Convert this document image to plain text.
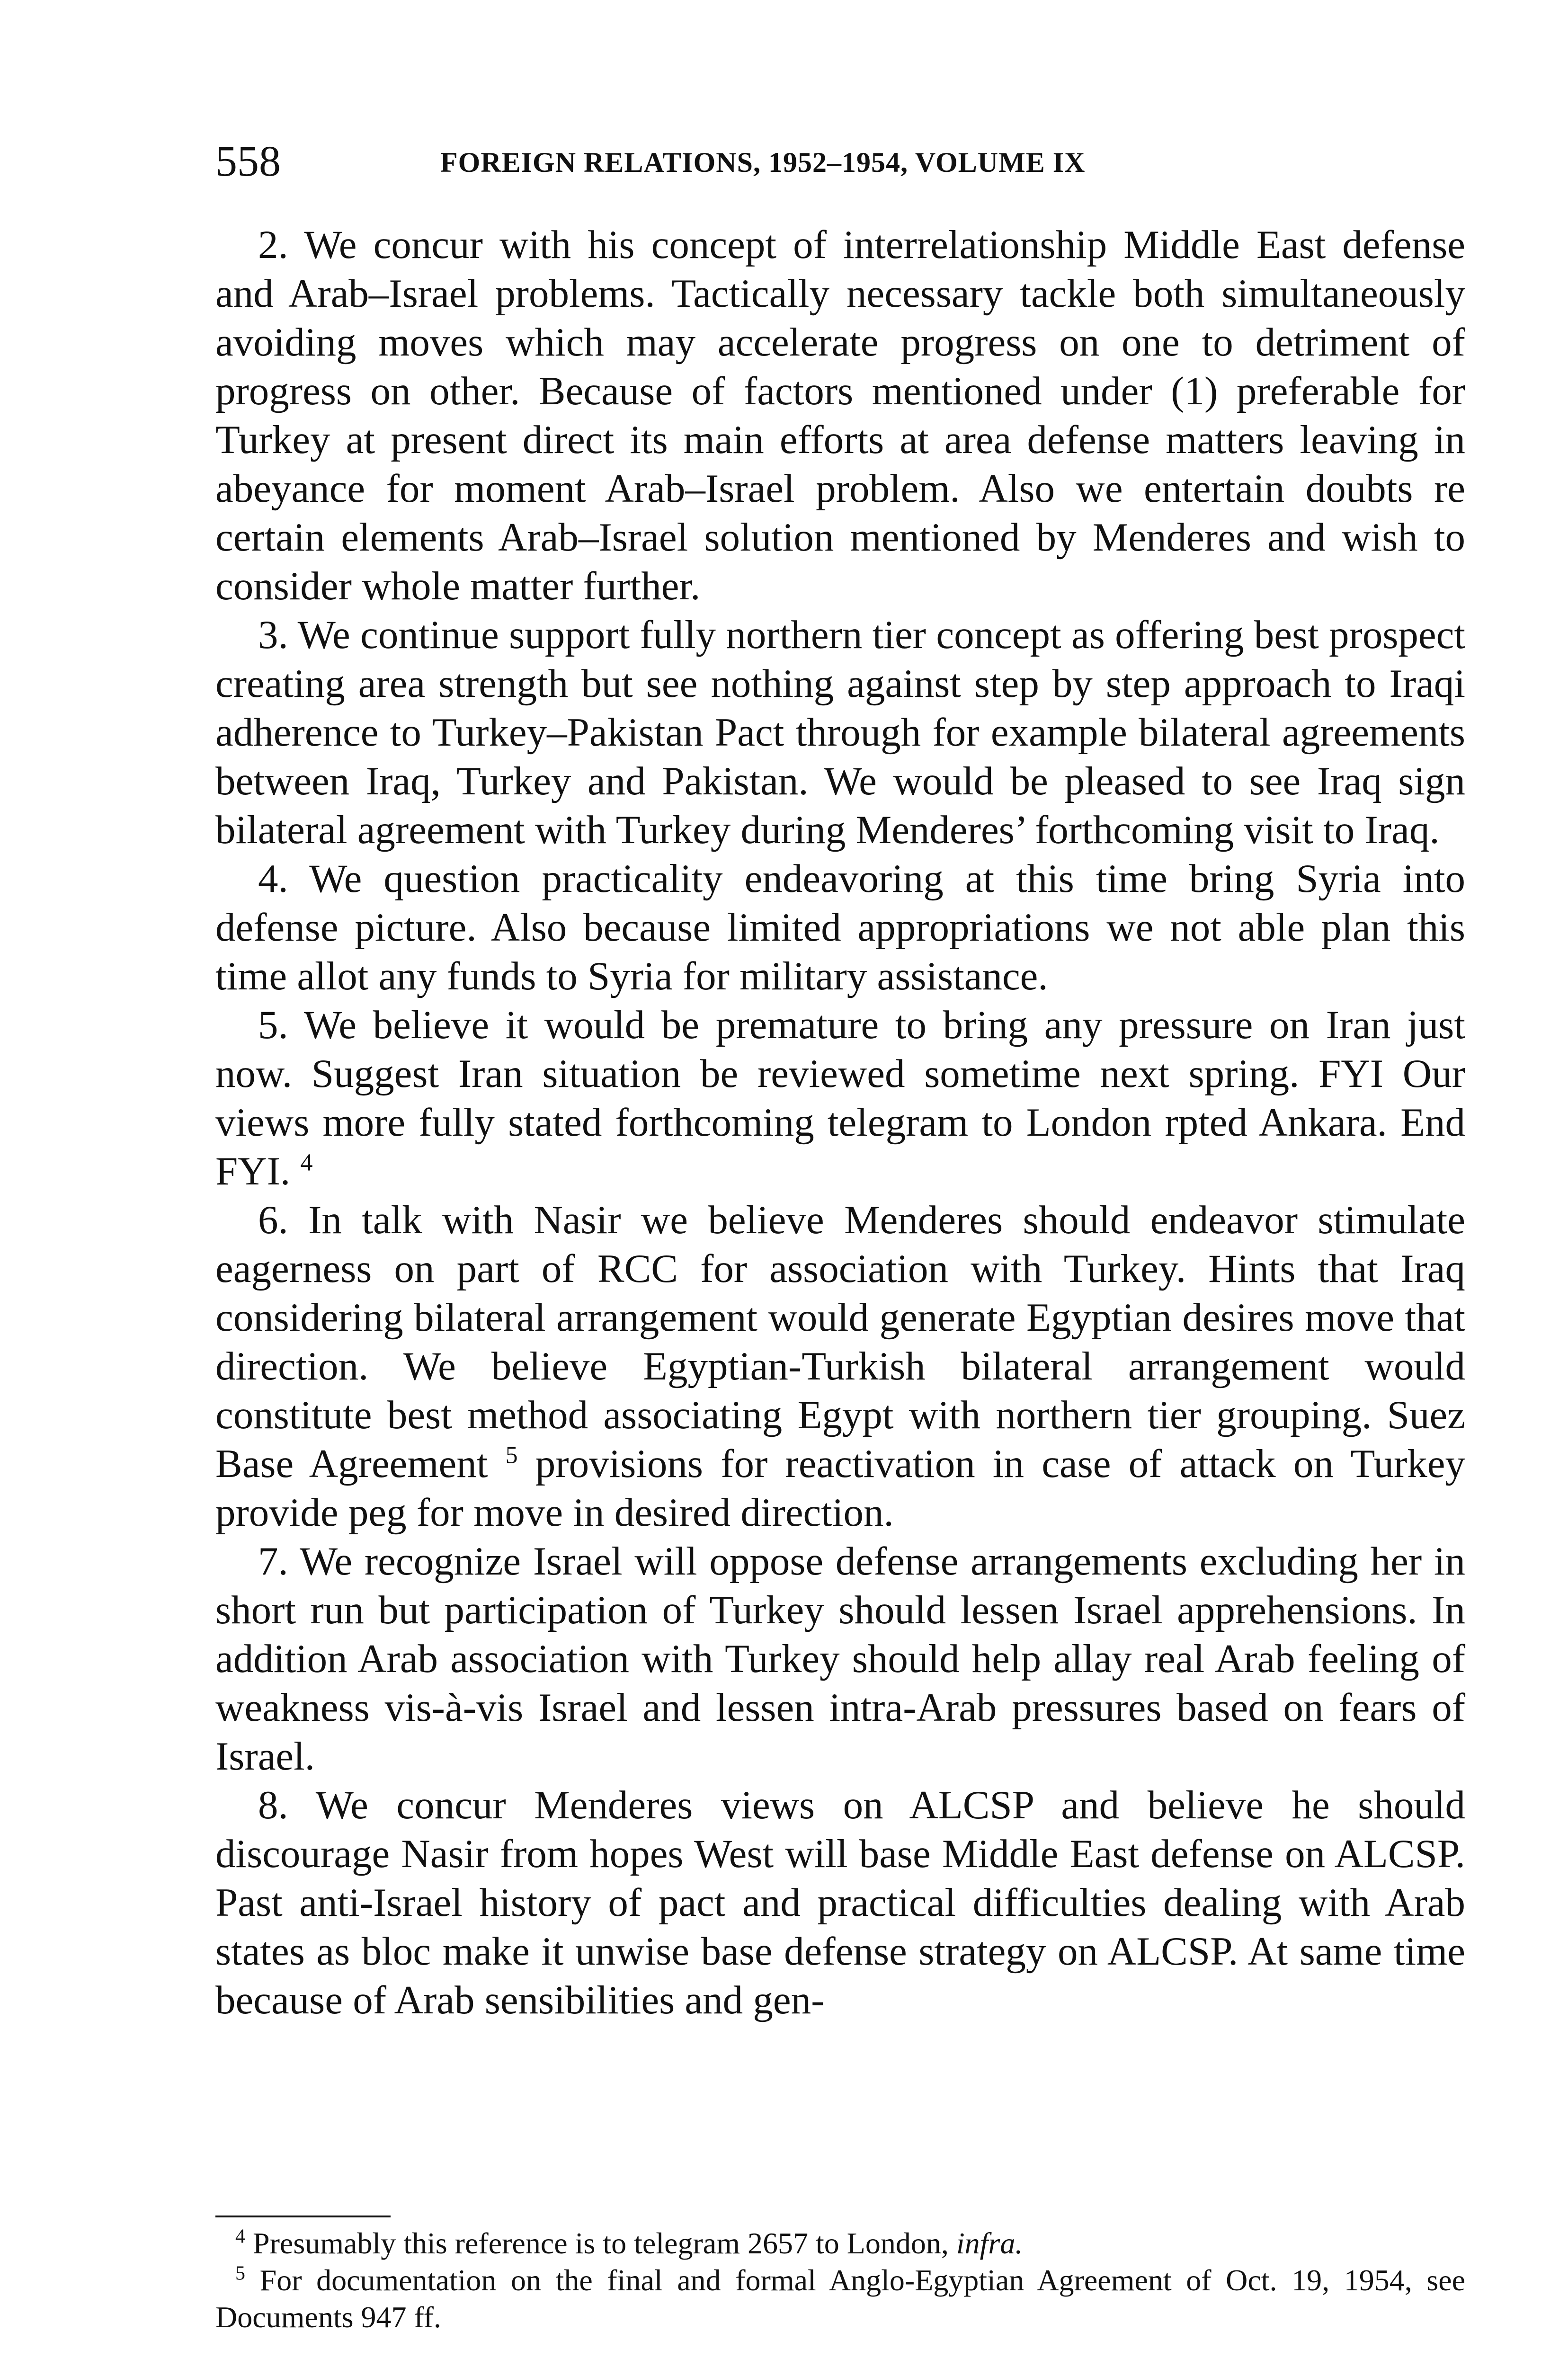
558	FOREIGN RELATIONS, 1952–1954, VOLUME IX

2. We concur with his concept of interrelationship Middle East defense and Arab–Israel problems. Tactically necessary tackle both simultaneously avoiding moves which may accelerate progress on one to detriment of progress on other. Because of factors mentioned under (1) preferable for Turkey at present direct its main efforts at area defense matters leaving in abeyance for moment Arab–Israel problem. Also we entertain doubts re certain elements Arab–Israel solution mentioned by Menderes and wish to consider whole matter further.

3. We continue support fully northern tier concept as offering best prospect creating area strength but see nothing against step by step approach to Iraqi adherence to Turkey–Pakistan Pact through for example bilateral agreements between Iraq, Turkey and Pakistan. We would be pleased to see Iraq sign bilateral agreement with Turkey during Menderes’ forthcoming visit to Iraq.

4. We question practicality endeavoring at this time bring Syria into defense picture. Also because limited appropriations we not able plan this time allot any funds to Syria for military assistance.

5. We believe it would be premature to bring any pressure on Iran just now. Suggest Iran situation be reviewed sometime next spring. FYI Our views more fully stated forthcoming telegram to London rpted Ankara. End FYI. $^4$

6. In talk with Nasir we believe Menderes should endeavor stimulate eagerness on part of RCC for association with Turkey. Hints that Iraq considering bilateral arrangement would generate Egyptian desires move that direction. We believe Egyptian-Turkish bilateral arrangement would constitute best method associating Egypt with northern tier grouping. Suez Base Agreement $^5$ provisions for reactivation in case of attack on Turkey provide peg for move in desired direction.

7. We recognize Israel will oppose defense arrangements excluding her in short run but participation of Turkey should lessen Israel apprehensions. In addition Arab association with Turkey should help allay real Arab feeling of weakness vis-à-vis Israel and lessen intra-Arab pressures based on fears of Israel.

8. We concur Menderes views on ALCSP and believe he should discourage Nasir from hopes West will base Middle East defense on ALCSP. Past anti-Israel history of pact and practical difficulties dealing with Arab states as bloc make it unwise base defense strategy on ALCSP. At same time because of Arab sensibilities and gen-

$^4$ Presumably this reference is to telegram 2657 to London, infra.

$^5$ For documentation on the final and formal Anglo-Egyptian Agreement of Oct. 19, 1954, see Documents 947 ff.
